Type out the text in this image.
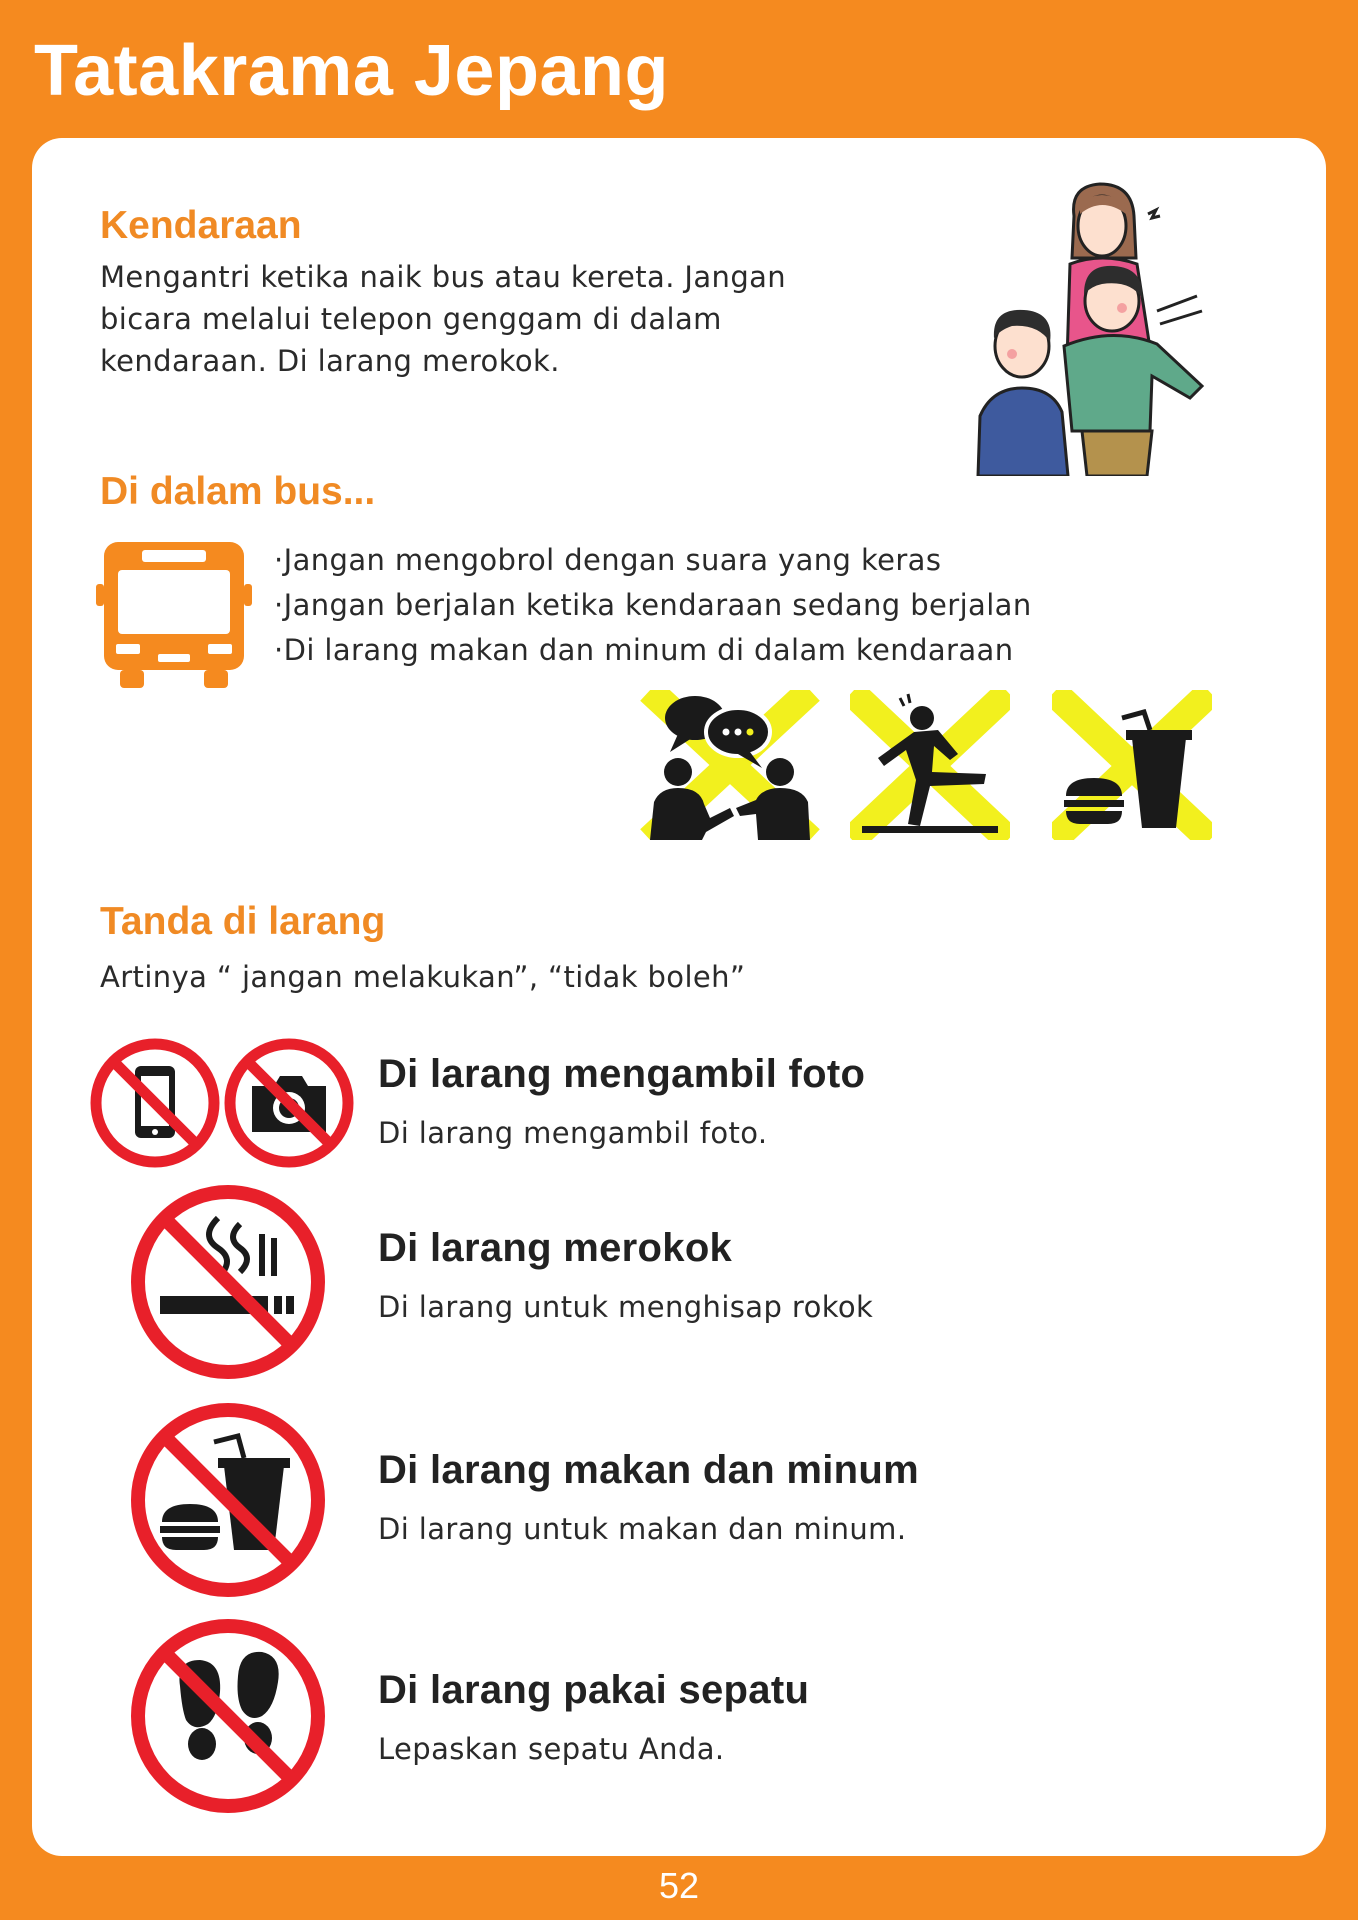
Tatakrama Jepang
Kendaraan
Mengantri ketika naik bus atau kereta. Jangan
bicara melalui telepon genggam di dalam
kendaraan. Di larang merokok.
Di dalam bus...
·Jangan mengobrol dengan suara yang keras
·Jangan berjalan ketika kendaraan sedang berjalan
·Di larang makan dan minum di dalam kendaraan
Tanda di larang
Artinya “ jangan melakukan”, “tidak boleh”
Di larang mengambil foto
Di larang mengambil foto.
Di larang merokok
Di larang untuk menghisap rokok
Di larang makan dan minum
Di larang untuk makan dan minum.
Di larang pakai sepatu
Lepaskan sepatu Anda.
52
